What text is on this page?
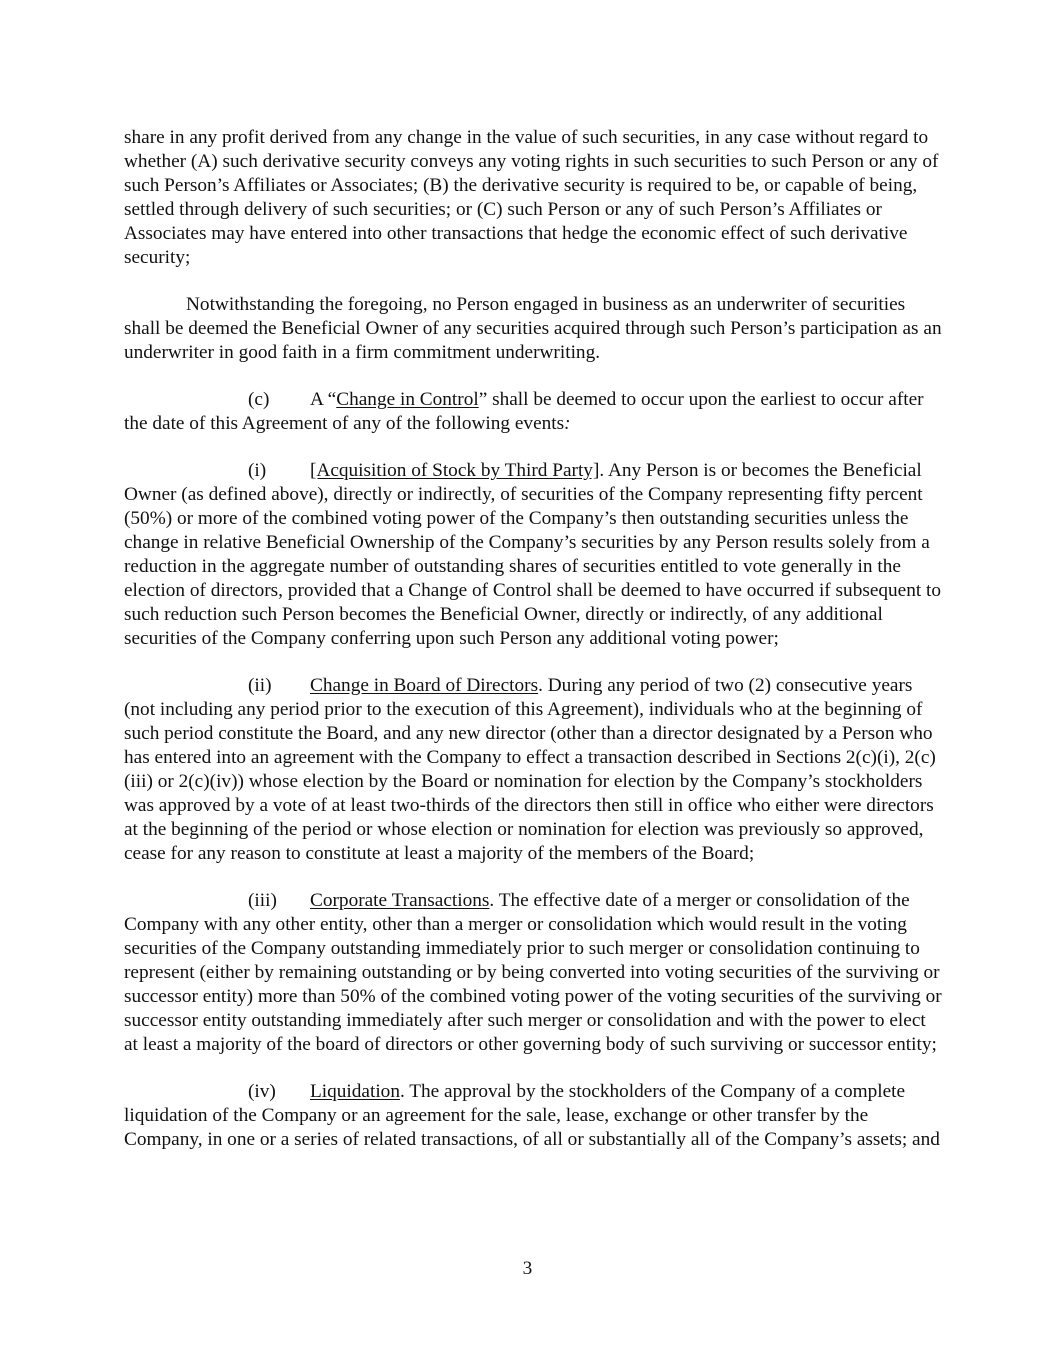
share in any profit derived from any change in the value of such securities, in any case without regard to whether (A) such derivative security conveys any voting rights in such securities to such Person or any of such Person’s Affiliates or Associates; (B) the derivative security is required to be, or capable of being, settled through delivery of such securities; or (C) such Person or any of such Person’s Affiliates or Associates may have entered into other transactions that hedge the economic effect of such derivative security;

Notwithstanding the foregoing, no Person engaged in business as an underwriter of securities shall be deemed the Beneficial Owner of any securities acquired through such Person’s participation as an underwriter in good faith in a firm commitment underwriting.

(c) A “Change in Control” shall be deemed to occur upon the earliest to occur after the date of this Agreement of any of the following events:

(i) [Acquisition of Stock by Third Party]. Any Person is or becomes the Beneficial Owner (as defined above), directly or indirectly, of securities of the Company representing fifty percent (50%) or more of the combined voting power of the Company’s then outstanding securities unless the change in relative Beneficial Ownership of the Company’s securities by any Person results solely from a reduction in the aggregate number of outstanding shares of securities entitled to vote generally in the election of directors, provided that a Change of Control shall be deemed to have occurred if subsequent to such reduction such Person becomes the Beneficial Owner, directly or indirectly, of any additional securities of the Company conferring upon such Person any additional voting power;

(ii) Change in Board of Directors. During any period of two (2) consecutive years (not including any period prior to the execution of this Agreement), individuals who at the beginning of such period constitute the Board, and any new director (other than a director designated by a Person who has entered into an agreement with the Company to effect a transaction described in Sections 2(c)(i), 2(c)(iii) or 2(c)(iv)) whose election by the Board or nomination for election by the Company’s stockholders was approved by a vote of at least two-thirds of the directors then still in office who either were directors at the beginning of the period or whose election or nomination for election was previously so approved, cease for any reason to constitute at least a majority of the members of the Board;

(iii) Corporate Transactions. The effective date of a merger or consolidation of the Company with any other entity, other than a merger or consolidation which would result in the voting securities of the Company outstanding immediately prior to such merger or consolidation continuing to represent (either by remaining outstanding or by being converted into voting securities of the surviving or successor entity) more than 50% of the combined voting power of the voting securities of the surviving or successor entity outstanding immediately after such merger or consolidation and with the power to elect at least a majority of the board of directors or other governing body of such surviving or successor entity;

(iv) Liquidation. The approval by the stockholders of the Company of a complete liquidation of the Company or an agreement for the sale, lease, exchange or other transfer by the Company, in one or a series of related transactions, of all or substantially all of the Company’s assets; and

3
